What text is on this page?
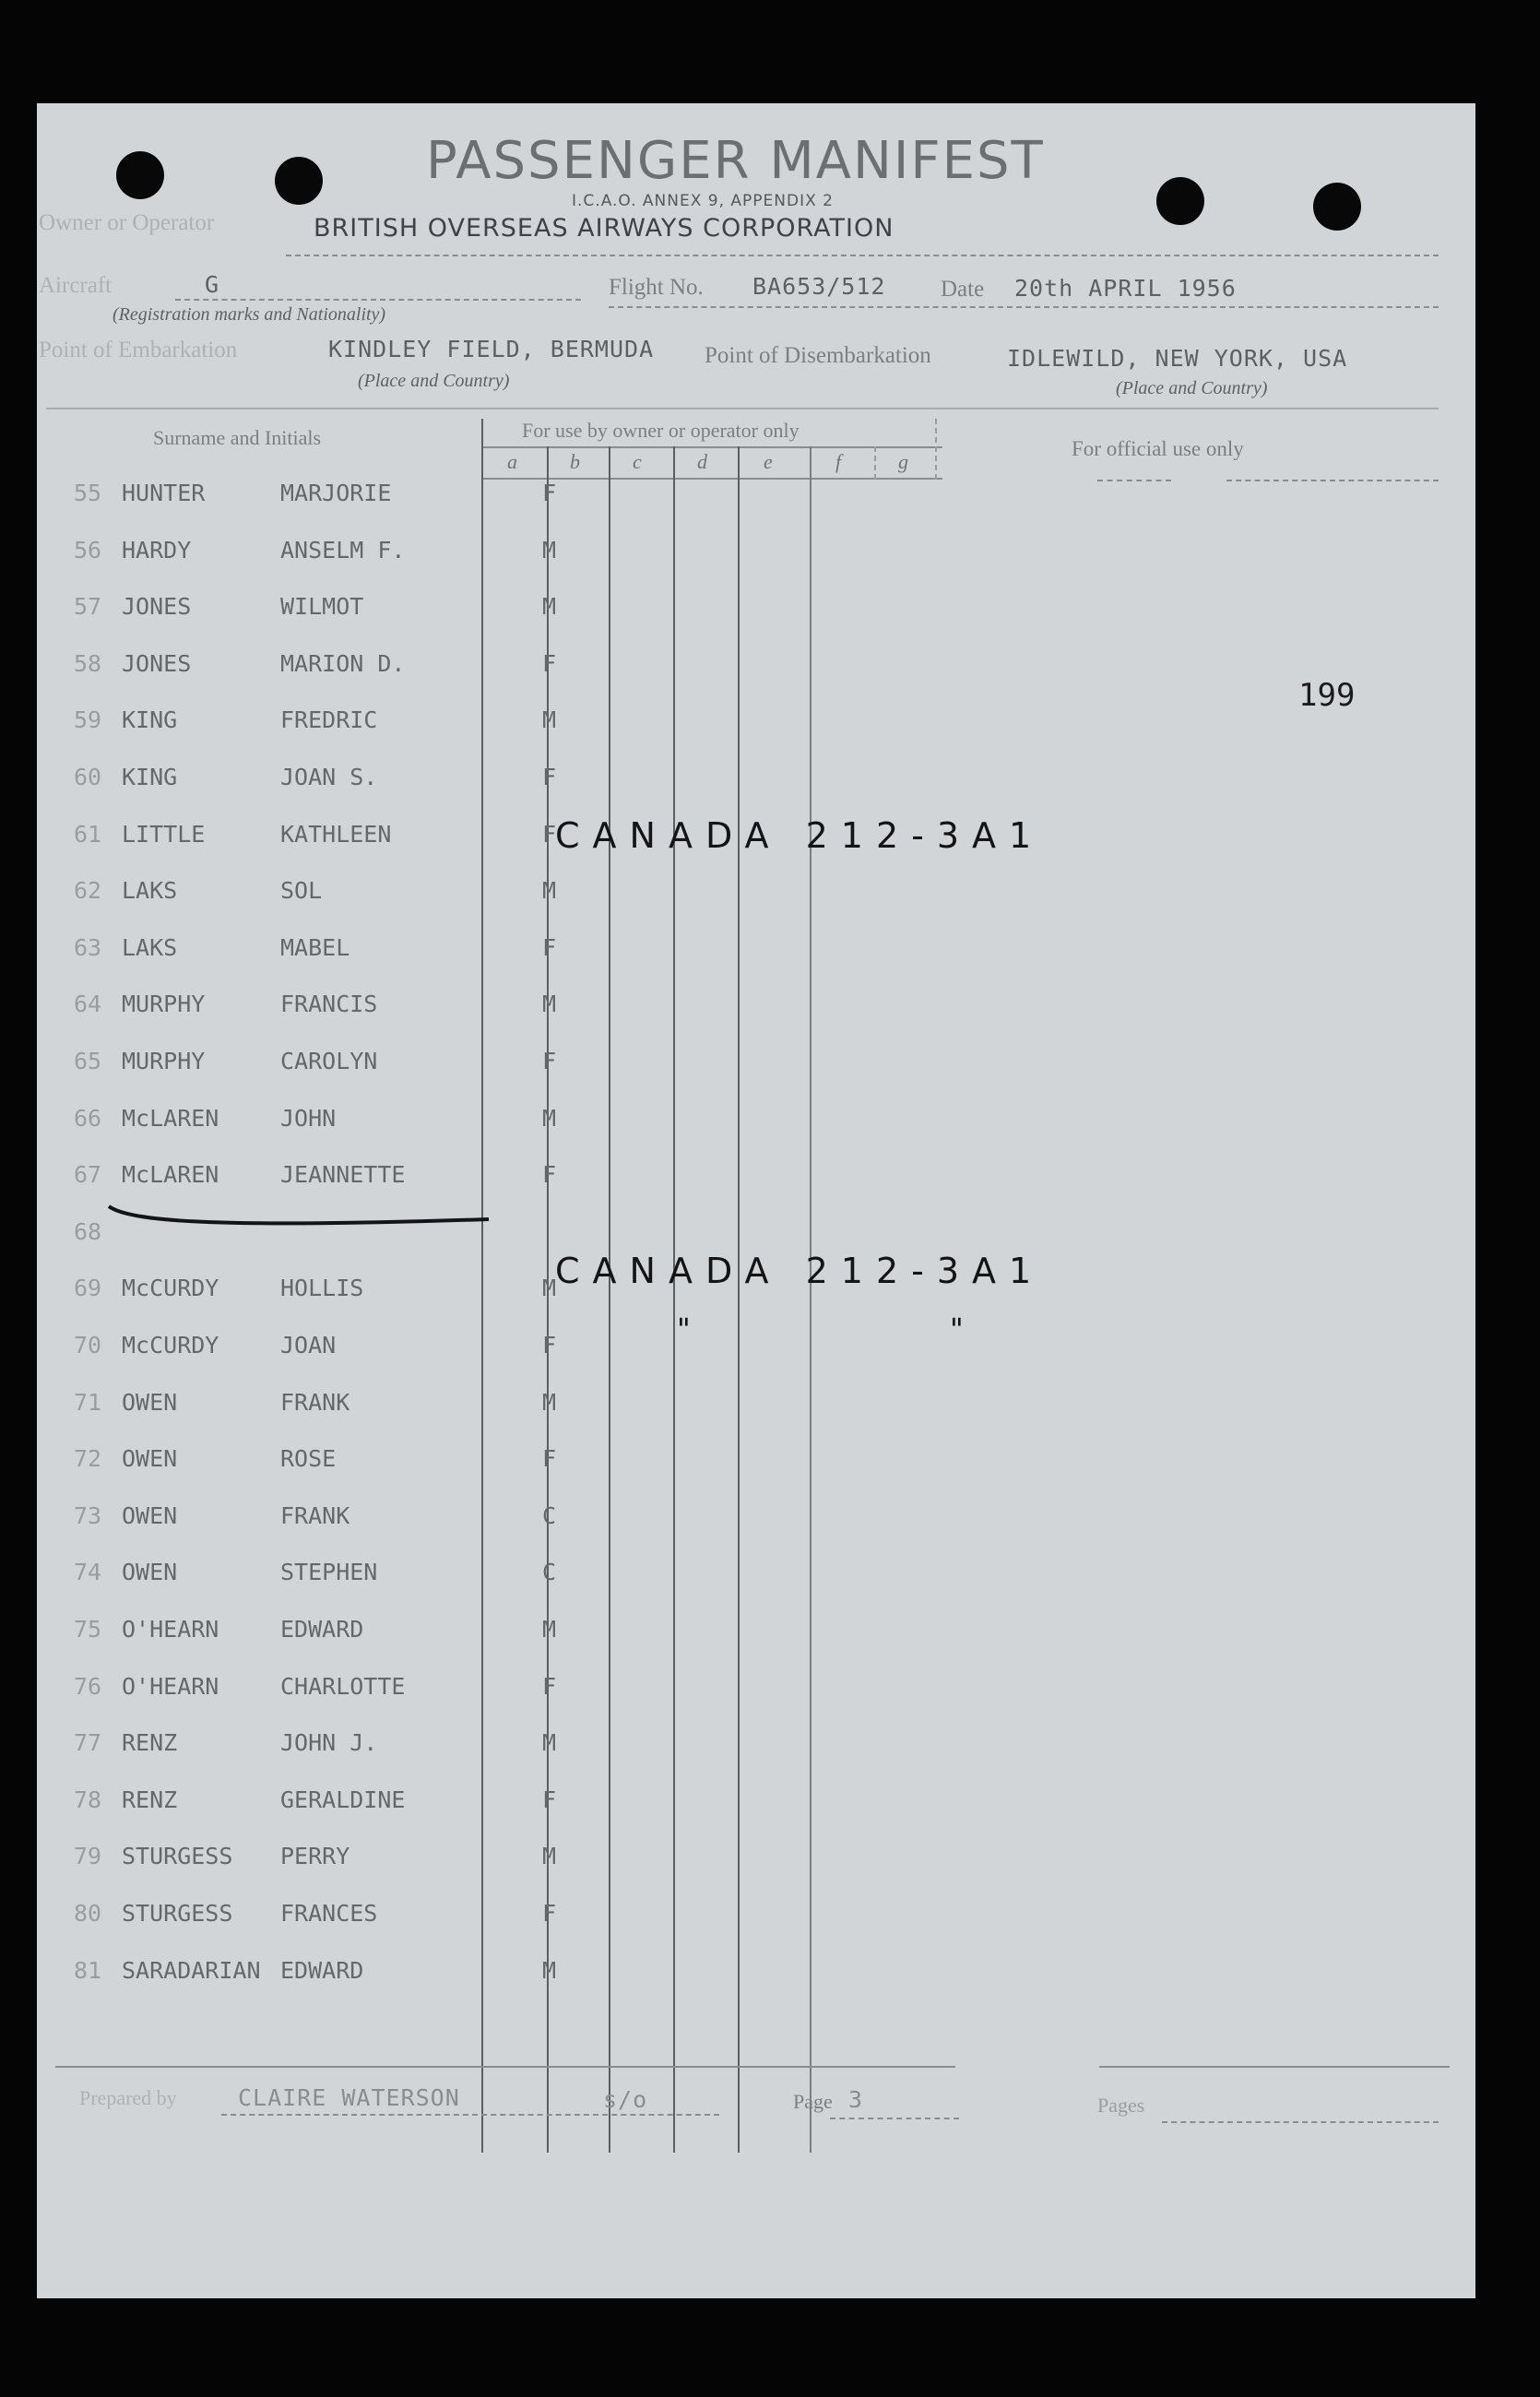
PASSENGER MANIFEST
I.C.A.O. ANNEX 9, APPENDIX 2
Owner or Operator	BRITISH OVERSEAS AIRWAYS CORPORATION
Aircraft	G
(Registration marks and Nationality)
Flight No. BA653/512 Date 20th APRIL 1956
Point of Embarkation	KINDLEY FIELD, BERMUDA
(Place and Country)
Point of Disembarkation	IDLEWILD, NEW YORK, USA
(Place and Country)
Surname and Initials	For use by owner or operator only
For official use only
a	b	c	d	e	f	g
55 HUNTER	MARJORIE	F
56 HARDY	ANSELM F.	M
57 JONES	WILMOT	M
58 JONES	MARION D.	F
59 KING	FREDRIC	M
60 KING	JOAN S.	F
61 LITTLE	KATHLEEN	F
62 LAKS	SOL	M
63 LAKS	MABEL	F
64 MURPHY	FRANCIS	M
65 MURPHY	CAROLYN	F
66 McLAREN	JOHN	M
67 McLAREN	JEANNETTE	F
68
69 McCURDY	HOLLIS	M
70 McCURDY	JOAN	F
71 OWEN	FRANK	M
72 OWEN	ROSE	F
73 OWEN	FRANK	C
74 OWEN	STEPHEN	C
75 O'HEARN	EDWARD	M
76 O'HEARN	CHARLOTTE	F
77 RENZ	JOHN J.	M
78 RENZ	GERALDINE	F
79 STURGESS PERRY	M
80 STURGESS FRANCES	F
81 SARADARIAN EDWARD	M
199
CANADA 212-3A1
CANADA 212-3A1
"	"
Prepared by	CLAIRE WATERSON	s/o	Page 3	Pages
